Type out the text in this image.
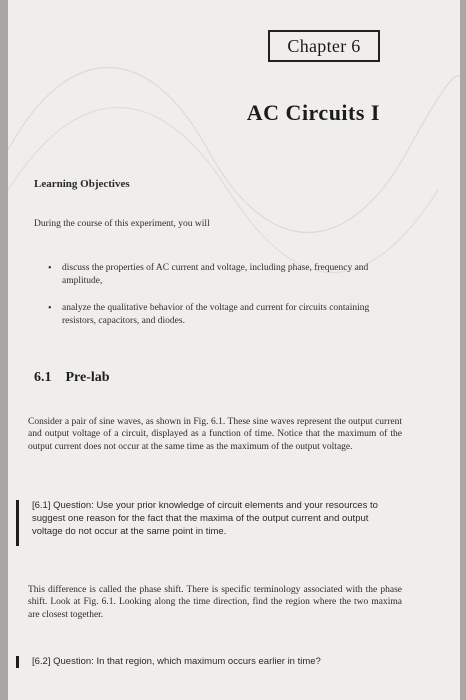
Chapter 6
AC Circuits I
Learning Objectives
During the course of this experiment, you will
•	discuss the properties of AC current and voltage, including phase, frequency and amplitude,
•	analyze the qualitative behavior of the voltage and current for circuits containing resistors, capacitors, and diodes.
6.1 Pre-lab
Consider a pair of sine waves, as shown in Fig. 6.1. These sine waves represent the output current and output voltage of a circuit, displayed as a function of time. Notice that the maximum of the output current does not occur at the same time as the maximum of the output voltage.
[6.1] Question: Use your prior knowledge of circuit elements and your resources to suggest one reason for the fact that the maxima of the output current and output voltage do not occur at the same point in time.
This difference is called the phase shift. There is specific terminology associated with the phase shift. Look at Fig. 6.1. Looking along the time direction, find the region where the two maxima are closest together.
[6.2] Question: In that region, which maximum occurs earlier in time?
